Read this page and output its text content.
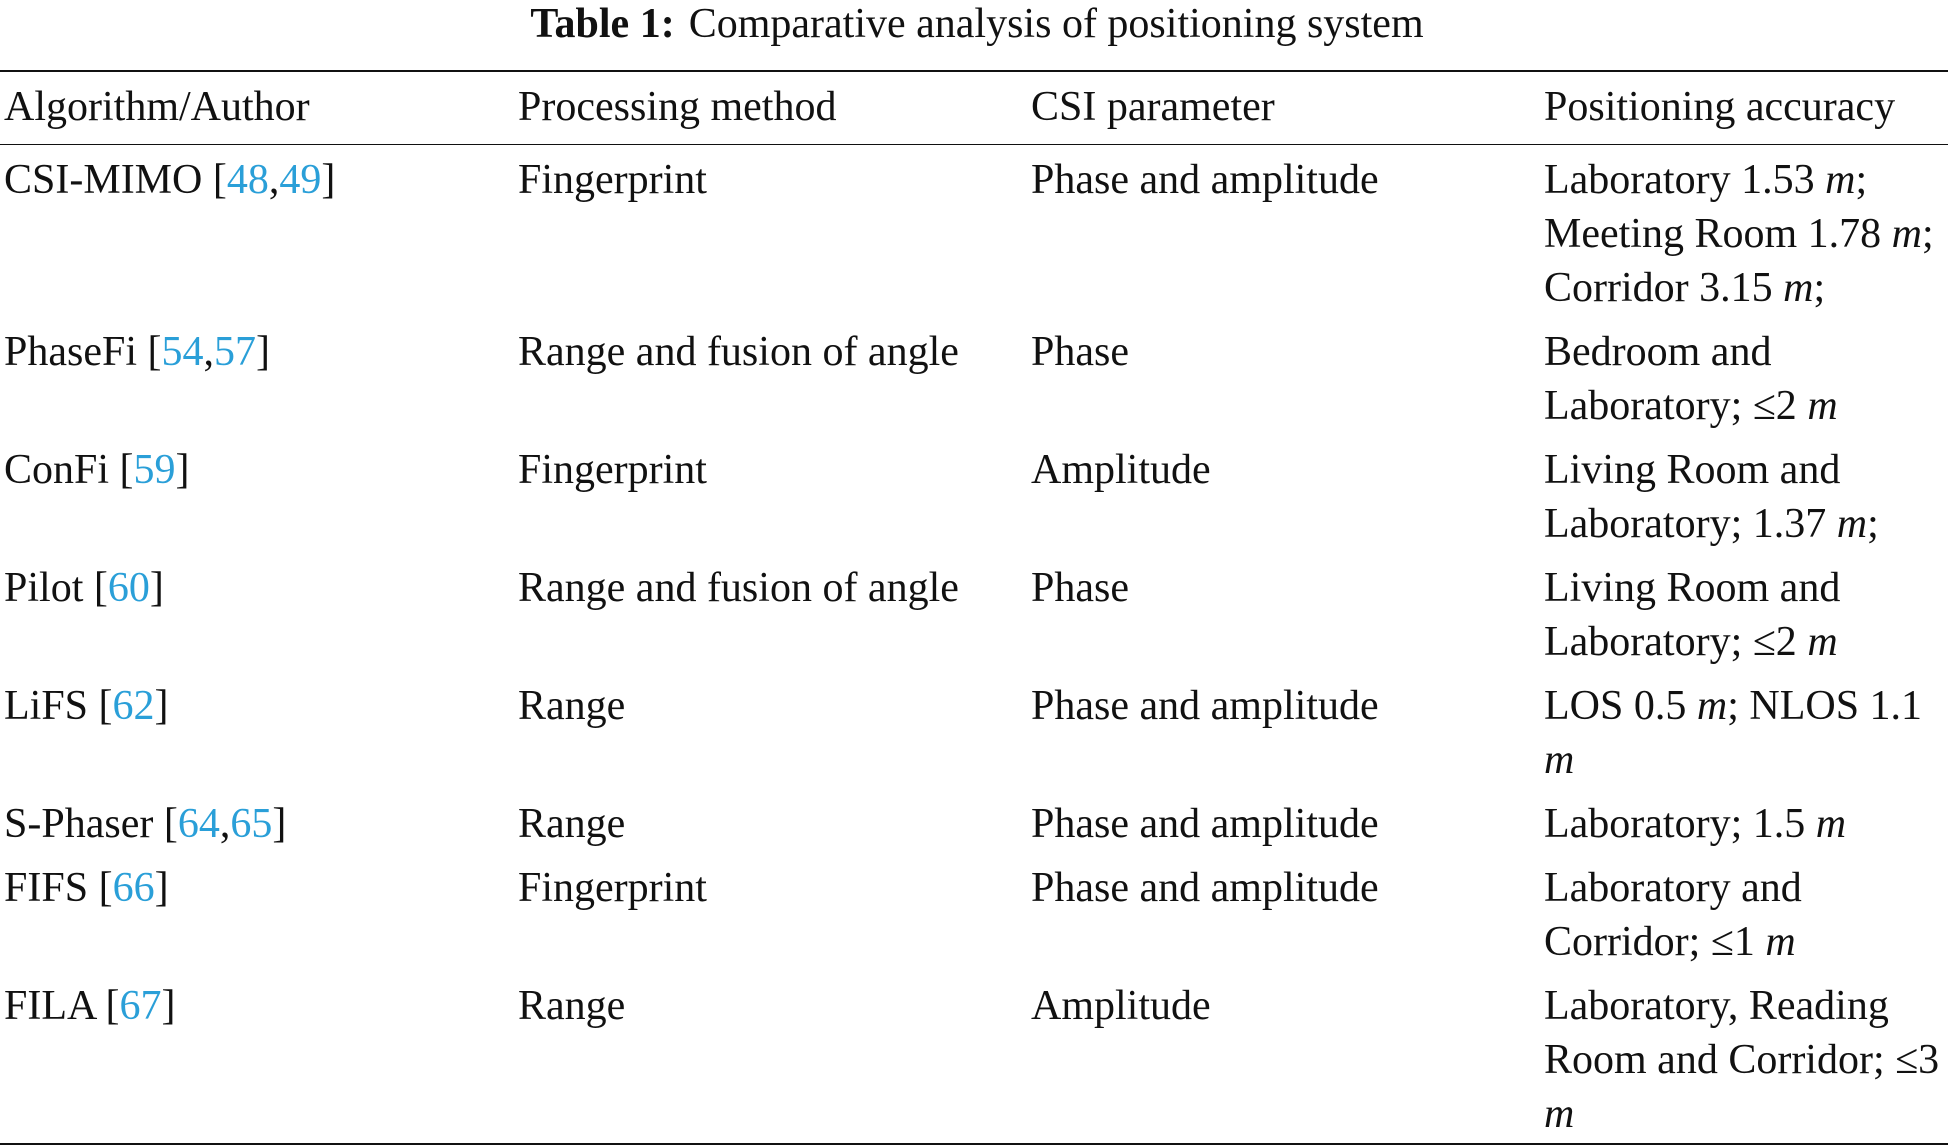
Table 1: Comparative analysis of positioning system
Algorithm/Author	Processing method	CSI parameter	Positioning accuracy
CSI-MIMO [48,49]	Fingerprint	Phase and amplitude	Laboratory 1.53 m; Meeting Room 1.78 m; Corridor 3.15 m;
PhaseFi [54,57]	Range and fusion of angle	Phase	Bedroom and Laboratory; ≤2 m
ConFi [59]	Fingerprint	Amplitude	Living Room and Laboratory; 1.37 m;
Pilot [60]	Range and fusion of angle	Phase	Living Room and Laboratory; ≤2 m
LiFS [62]	Range	Phase and amplitude	LOS 0.5 m; NLOS 1.1 m
S-Phaser [64,65]	Range	Phase and amplitude	Laboratory; 1.5 m
FIFS [66]	Fingerprint	Phase and amplitude	Laboratory and Corridor; ≤1 m
FILA [67]	Range	Amplitude	Laboratory, Reading Room and Corridor; ≤3 m
